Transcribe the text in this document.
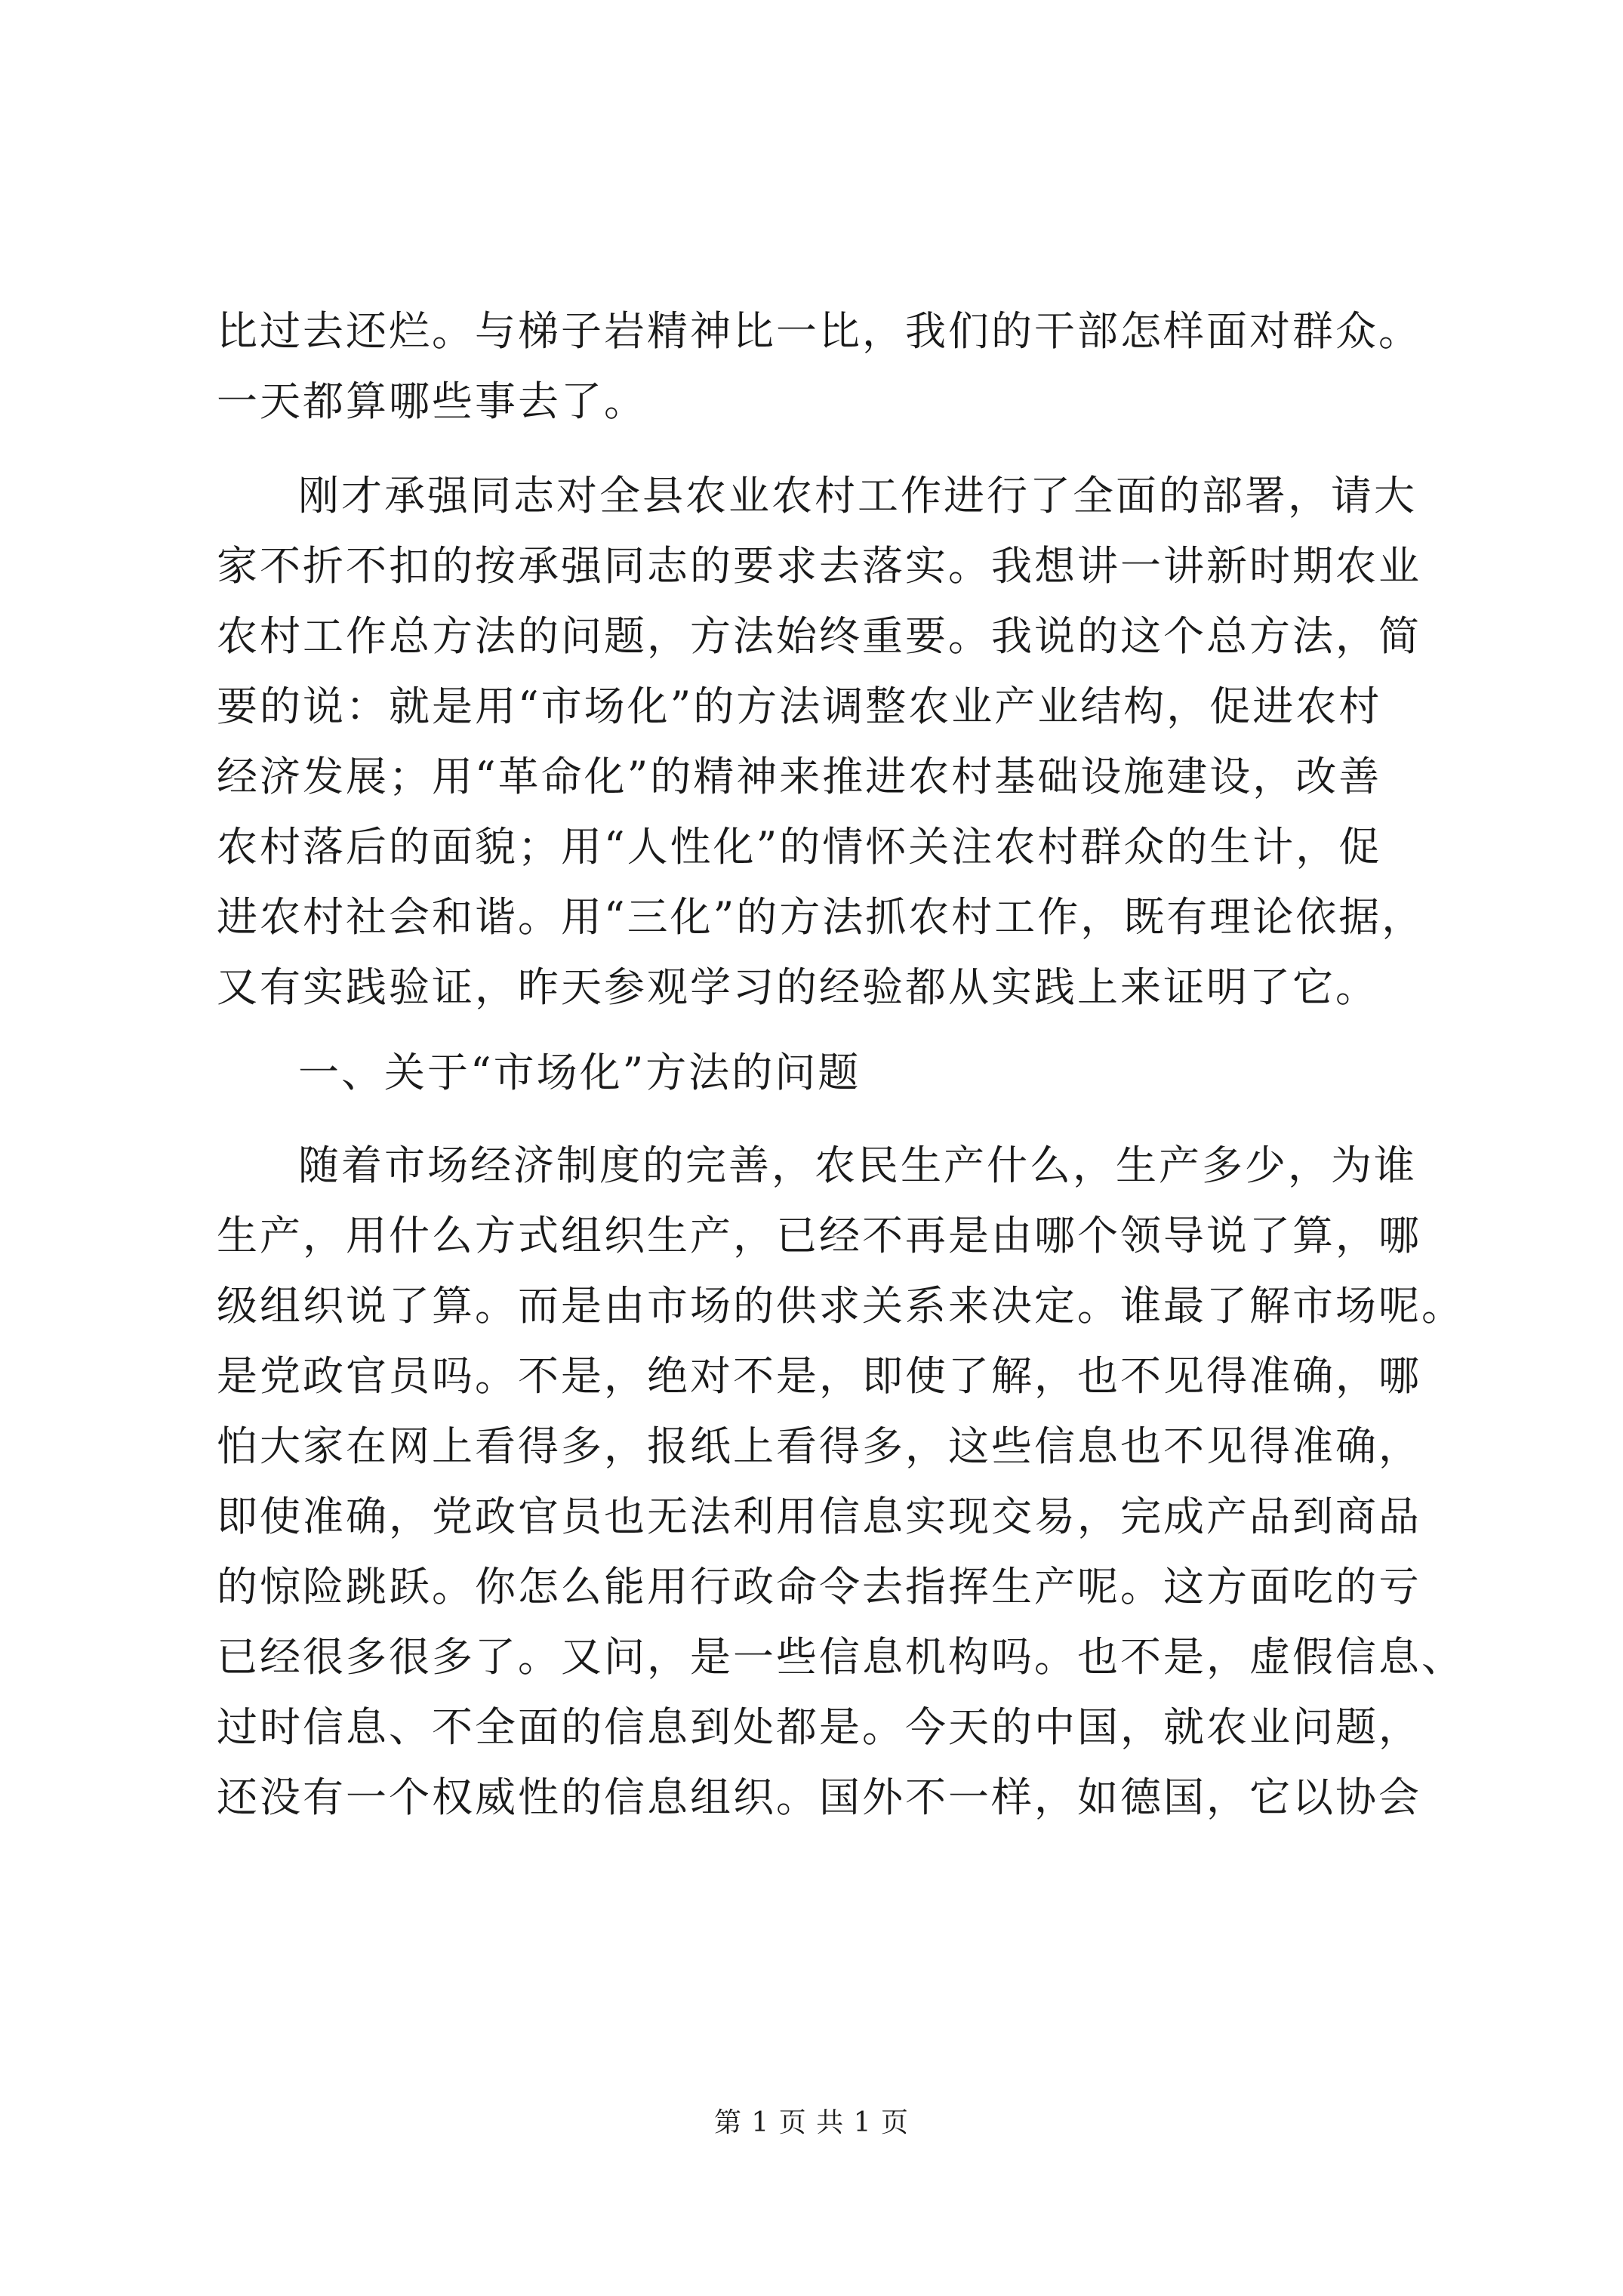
比过去还烂。与梯子岩精神比一比，我们的干部怎样面对群众。
一天都算哪些事去了。
刚才承强同志对全县农业农村工作进行了全面的部署，请大
家不折不扣的按承强同志的要求去落实。我想讲一讲新时期农业
农村工作总方法的问题，方法始终重要。我说的这个总方法，简
要的说：就是用“市场化”的方法调整农业产业结构，促进农村
经济发展；用“革命化”的精神来推进农村基础设施建设，改善
农村落后的面貌；用“人性化”的情怀关注农村群众的生计，促
进农村社会和谐。用“三化”的方法抓农村工作，既有理论依据，
又有实践验证，昨天参观学习的经验都从实践上来证明了它。
一、关于“市场化”方法的问题
随着市场经济制度的完善，农民生产什么，生产多少，为谁
生产，用什么方式组织生产，已经不再是由哪个领导说了算，哪
级组织说了算。而是由市场的供求关系来决定。谁最了解市场呢。
是党政官员吗。不是，绝对不是，即使了解，也不见得准确，哪
怕大家在网上看得多，报纸上看得多，这些信息也不见得准确，
即使准确，党政官员也无法利用信息实现交易，完成产品到商品
的惊险跳跃。你怎么能用行政命令去指挥生产呢。这方面吃的亏
已经很多很多了。又问，是一些信息机构吗。也不是，虚假信息、
过时信息、不全面的信息到处都是。今天的中国，就农业问题，
还没有一个权威性的信息组织。国外不一样，如德国，它以协会
第 1 页 共 1 页
